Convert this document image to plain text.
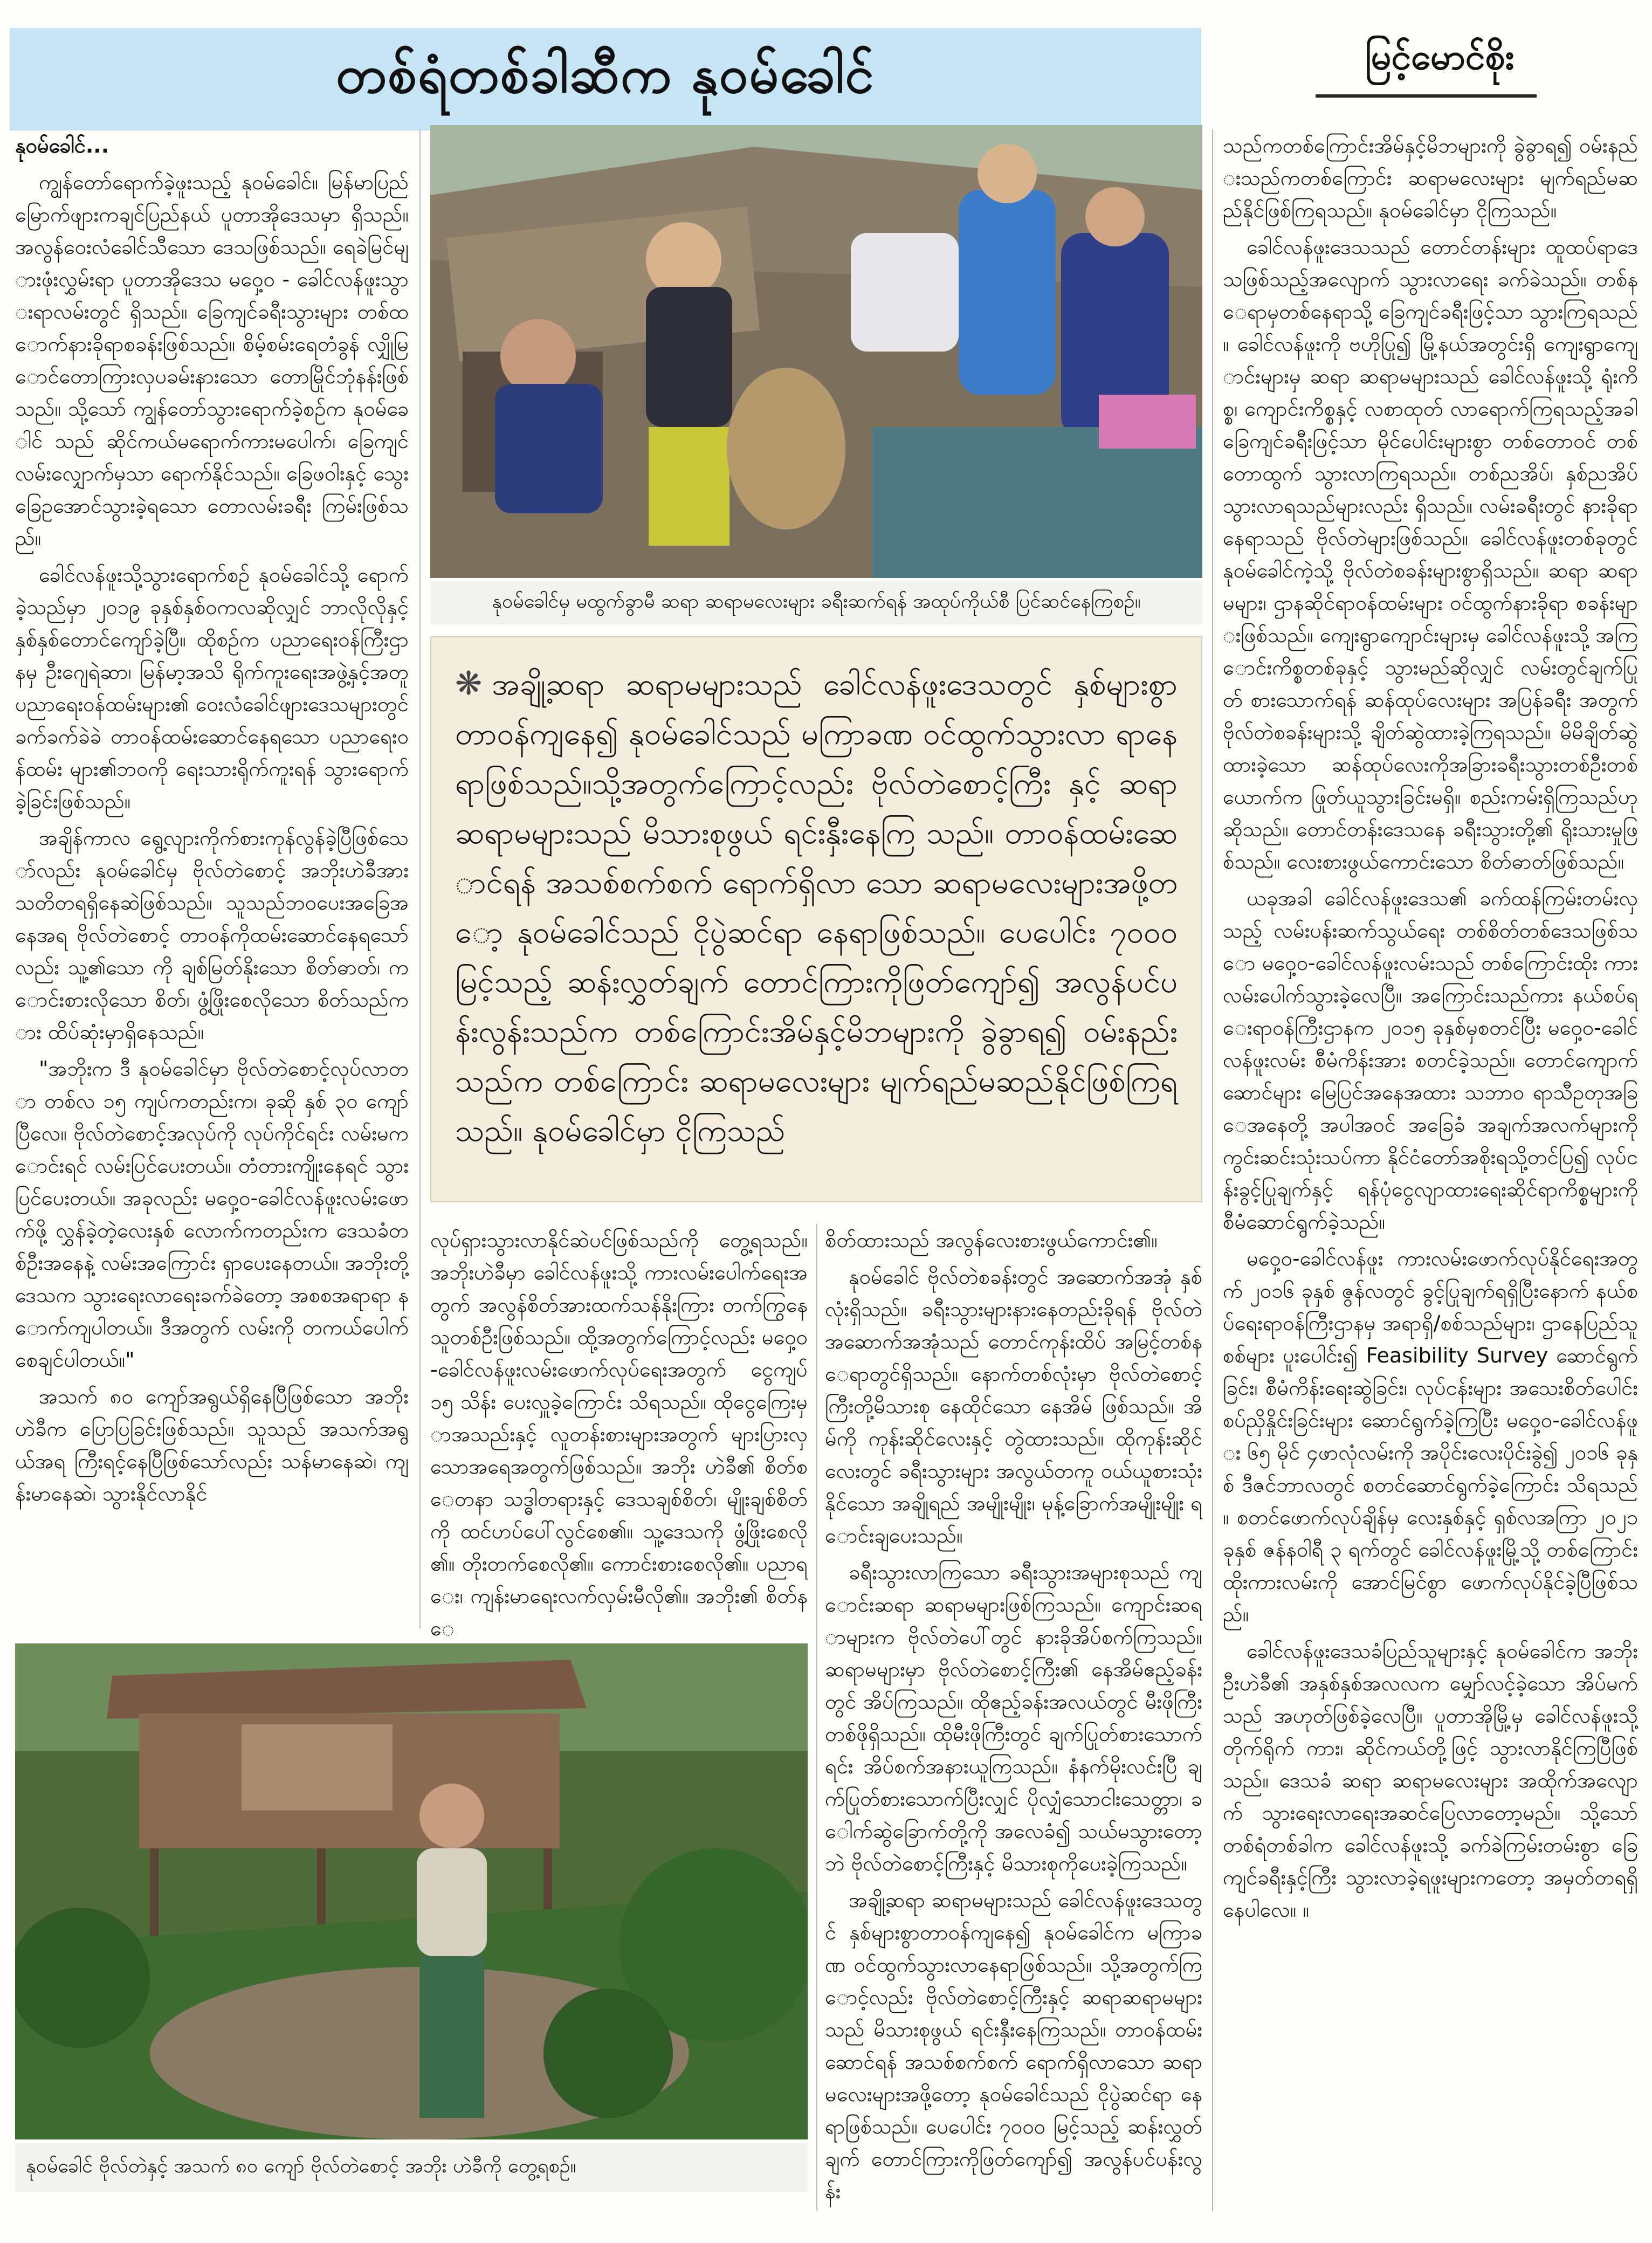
တစ်ရံတစ်ခါဆီက နုဝမ်ခေါင်	မြင့်မောင်စိုး

နုဝမ်ခေါင်...

ကျွန်တော်ရောက်ခဲ့ဖူးသည့် နုဝမ်ခေါင်။ မြန်မာပြည် မြောက်ဖျားကချင်ပြည်နယ် ပူတာအိုဒေသမှာ ရှိသည်။ အလွန်ဝေးလံခေါင်သီသော ဒေသဖြစ်သည်။ ရေခဲမြင်များဖုံးလွှမ်းရာ ပူတာအိုဒေသ မဝှေ့ဝ - ခေါင်လန်ဖူးသွားရာလမ်းတွင် ရှိသည်။ ခြေကျင်ခရီးသွားများ တစ်ထောက်နားခိုရာစခန်းဖြစ်သည်။ စိမ့်စမ်းရေတံခွန် လျှိုမြောင်တောကြားလှပခမ်းနားသော တောမြိုင်ဘုံနန်းဖြစ်သည်။ သို့သော် ကျွန်တော်သွားရောက်ခဲ့စဉ်က နုဝမ်ခေါင် သည် ဆိုင်ကယ်မရောက်ကားမပေါက်၊ ခြေကျင် လမ်းလျှောက်မှသာ ရောက်နိုင်သည်။ ခြေဖဝါးနှင့် သွေးခြေဥအောင်သွားခဲ့ရသော တောလမ်းခရီး ကြမ်းဖြစ်သည်။

ခေါင်လန်ဖူးသို့သွားရောက်စဉ် နုဝမ်ခေါင်သို့ ရောက်ခဲ့သည်မှာ ၂၀၁၉ ခုနှစ်နှစ်ဝကလဆိုလျှင် ဘာလိုလိုနှင့် နှစ်နှစ်တောင်ကျော်ခဲ့ပြီ။ ထိုစဉ်က ပညာရေးဝန်ကြီးဌာနမှ ဦးဂျေရဲဆာ၊ မြန်မာ့အသိ ရိုက်ကူးရေးအဖွဲ့နှင့်အတူ ပညာရေးဝန်ထမ်းများ၏ ဝေးလံခေါင်ဖျားဒေသများတွင် ခက်ခက်ခဲခဲ တာဝန်ထမ်းဆောင်နေရသော ပညာရေးဝန်ထမ်း များ၏ဘဝကို ရေးသားရိုက်ကူးရန် သွားရောက်ခဲ့ခြင်းဖြစ်သည်။

အချိန်ကာလ ရွေ့လျားကိုက်စားကုန်လွန်ခဲ့ပြီဖြစ်သော်လည်း နုဝမ်ခေါင်မှ ဗိုလ်တဲစောင့် အဘိုးဟဲခီအား သတိတရရှိနေဆဲဖြစ်သည်။ သူသည်ဘဝပေးအခြေအနေအရ ဗိုလ်တဲစောင့် တာဝန်ကိုထမ်းဆောင်နေရသော်လည်း သူ့၏သော ကို ချစ်မြတ်နိုးသော စိတ်ဓာတ်၊ ကောင်းစားလိုသော စိတ်၊ ဖွံ့ဖြိုးစေလိုသော စိတ်သည်ကား ထိပ်ဆုံးမှာရှိနေသည်။

"အဘိုးက ဒီ နုဝမ်ခေါင်မှာ ဗိုလ်တဲစောင့်လုပ်လာတာ တစ်လ ၁၅ ကျပ်ကတည်းက၊ ခုဆို နှစ် ၃၀ ကျော်ပြီလေ။ ဗိုလ်တဲစောင့်အလုပ်ကို လုပ်ကိုင်ရင်း လမ်းမကောင်းရင် လမ်းပြင်ပေးတယ်။ တံတားကျိုးနေရင် သွားပြင်ပေးတယ်။ အခုလည်း မဝှေ့ဝ-ခေါင်လန်ဖူးလမ်းဖောက်ဖို့ လွှန်ခဲ့တဲ့လေးနှစ် လောက်ကတည်းက ဒေသခံတစ်ဦးအနေနဲ့ လမ်းအကြောင်း ရှာပေးနေတယ်။ အဘိုးတို့ဒေသက သွားရေးလာရေးခက်ခဲတော့ အစစအရာရာ နောက်ကျပါတယ်။ ဒီအတွက် လမ်းကို တကယ်ပေါက်စေချင်ပါတယ်။"

အသက် ၈၀ ကျော်အရွယ်ရှိနေပြီဖြစ်သော အဘိုး ဟဲခီက ပြောပြခြင်းဖြစ်သည်။ သူသည် အသက်အရွယ်အရ ကြီးရင့်နေပြီဖြစ်သော်လည်း သန်မာနေဆဲ၊ ကျန်းမာနေဆဲ၊ သွားနိုင်လာနိုင်

နုဝမ်ခေါင်မှ မထွက်ခွာမီ ဆရာ ဆရာမလေးများ ခရီးဆက်ရန် အထုပ်ကိုယ်စီ ပြင်ဆင်နေကြစဉ်။
❋ အချို့ဆရာ ဆရာမများသည် ခေါင်လန်ဖူးဒေသတွင် နှစ်များစွာ တာဝန်ကျနေ၍ နုဝမ်ခေါင်သည် မကြာခဏ ဝင်ထွက်သွားလာ ရာနေရာဖြစ်သည်။သို့အတွက်ကြောင့်လည်း ဗိုလ်တဲစောင့်ကြီး နှင့် ဆရာ ဆရာမများသည် မိသားစုဖွယ် ရင်းနှီးနေကြ သည်။ တာဝန်ထမ်းဆောင်ရန် အသစ်စက်စက် ရောက်ရှိလာ သော ဆရာမလေးများအဖို့တော့ နုဝမ်ခေါင်သည် ငိုပွဲဆင်ရာ နေရာဖြစ်သည်။ ပေပေါင်း ၇၀၀၀ မြင့်သည့် ဆန်းလွှတ်ချက် တောင်ကြားကိုဖြတ်ကျော်၍ အလွန်ပင်ပန်းလွန်းသည်က တစ်ကြောင်းအိမ်နှင့်မိဘများကို ခွဲခွာရ၍ ဝမ်းနည်းသည်က တစ်ကြောင်း ဆရာမလေးများ မျက်ရည်မဆည်နိုင်ဖြစ်ကြရ သည်။ နုဝမ်ခေါင်မှာ ငိုကြသည်

လုပ်ရှားသွားလာနိုင်ဆဲပင်ဖြစ်သည်ကို တွေ့ရသည်။ အဘိုးဟဲခီမှာ ခေါင်လန်ဖူးသို့ ကားလမ်းပေါက်ရေးအတွက် အလွန်စိတ်အားထက်သန်နိုးကြား တက်ကြွနေသူတစ်ဦးဖြစ်သည်။ ထို့အတွက်ကြောင့်လည်း မဝှေ့ဝ-ခေါင်လန်ဖူးလမ်းဖောက်လုပ်ရေးအတွက် ငွေကျပ် ၁၅ သိန်း ပေးလှူခဲ့ကြောင်း သိရသည်။ ထိုငွေကြေးမှာအသည်းနှင့် လူတန်းစားများအတွက် များပြားလှသောအရေအတွက်ဖြစ်သည်။ အဘိုး ဟဲခီ၏ စိတ်စေတနာ သဒ္ဓါတရားနှင့် ဒေသချစ်စိတ်၊ မျိုးချစ်စိတ်ကို ထင်ဟပ်ပေါ်လွင်စေ၏။ သူ့ဒေသကို ဖွံ့ဖြိုးစေလို၏။ တိုးတက်စေလို၏။ ကောင်းစားစေလို၏။ ပညာရေး၊ ကျန်းမာရေးလက်လှမ်းမီလို၏။ အဘိုး၏ စိတ်နေ

စိတ်ထားသည် အလွန်လေးစားဖွယ်ကောင်း၏။

နုဝမ်ခေါင် ဗိုလ်တဲစခန်းတွင် အဆောက်အအုံ နှစ်လုံးရှိသည်။ ခရီးသွားများနားနေတည်းခိုရန် ဗိုလ်တဲအဆောက်အအုံသည် တောင်ကုန်းထိပ် အမြင့်တစ်နေရာတွင်ရှိသည်။ နောက်တစ်လုံးမှာ ဗိုလ်တဲစောင့်ကြီးတို့မိသားစု နေထိုင်သော နေအိမ် ဖြစ်သည်။ အိမ်ကို ကုန်းဆိုင်လေးနှင့် တွဲထားသည်။ ထိုကုန်းဆိုင်လေးတွင် ခရီးသွားများ အလွယ်တကူ ဝယ်ယူစားသုံးနိုင်သော အချိုရည် အမျိုးမျိုး၊ မုန့်ခြောက်အမျိုးမျိုး ရောင်းချပေးသည်။

ခရီးသွားလာကြသော ခရီးသွားအများစုသည် ကျောင်းဆရာ ဆရာမများဖြစ်ကြသည်။ ကျောင်းဆရာများက ဗိုလ်တဲပေါ်တွင် နားခိုအိပ်စက်ကြသည်။ ဆရာမများမှာ ဗိုလ်တဲစောင့်ကြီး၏ နေအိမ်ဧည့်ခန်းတွင် အိပ်ကြသည်။ ထိုဧည့်ခန်းအလယ်တွင် မီးဖိုကြီးတစ်ဖိုရှိသည်။ ထိုမီးဖိုကြီးတွင် ချက်ပြုတ်စားသောက်ရင်း အိပ်စက်အနားယူကြသည်။ နံနက်မိုးလင်းပြီ ချက်ပြုတ်စားသောက်ပြီးလျှင် ပိုလျှံသောငါးသေတ္တာ၊ ခေါက်ဆွဲခြောက်တို့ကို အလေခံ၍ သယ်မသွားတော့ဘဲ ဗိုလ်တဲစောင့်ကြီးနှင့် မိသားစုကိုပေးခဲ့ကြသည်။

အချို့ဆရာ ဆရာမများသည် ခေါင်လန်ဖူးဒေသတွင် နှစ်များစွာတာဝန်ကျနေ၍ နုဝမ်ခေါင်က မကြာခဏ ဝင်ထွက်သွားလာနေရာဖြစ်သည်။ သို့အတွက်ကြောင့်လည်း ဗိုလ်တဲစောင့်ကြီးနှင့် ဆရာဆရာမများသည် မိသားစုဖွယ် ရင်းနှီးနေကြသည်။ တာဝန်ထမ်းဆောင်ရန် အသစ်စက်စက် ရောက်ရှိလာသော ဆရာမလေးများအဖို့တော့ နုဝမ်ခေါင်သည် ငိုပွဲဆင်ရာ နေရာဖြစ်သည်။ ပေပေါင်း ၇၀၀၀ မြင့်သည့် ဆန်းလွှတ်ချက် တောင်ကြားကိုဖြတ်ကျော်၍ အလွန်ပင်ပန်းလွန်း

နုဝမ်ခေါင် ဗိုလ်တဲနှင့် အသက် ၈၀ ကျော် ဗိုလ်တဲစောင့် အဘိုး ဟဲခီကို တွေ့ရစဉ်။

သည်ကတစ်ကြောင်းအိမ်နှင့်မိဘများကို ခွဲခွာရ၍ ဝမ်းနည်းသည်ကတစ်ကြောင်း ဆရာမလေးများ မျက်ရည်မဆည်နိုင်ဖြစ်ကြရသည်။ နုဝမ်ခေါင်မှာ ငိုကြသည်။

ခေါင်လန်ဖူးဒေသသည် တောင်တန်းများ ထူထပ်ရာဒေသဖြစ်သည့်အလျောက် သွားလာရေး ခက်ခဲသည်။ တစ်နေရာမှတစ်နေရာသို့ ခြေကျင်ခရီးဖြင့်သာ သွားကြရသည်။ ခေါင်လန်ဖူးကို ဗဟိုပြု၍ မြို့နယ်အတွင်းရှိ ကျေးရွာကျောင်းများမှ ဆရာ ဆရာမများသည် ခေါင်လန်ဖူးသို့ ရုံးကိစ္စ၊ ကျောင်းကိစ္စနှင့် လစာထုတ် လာရောက်ကြရသည့်အခါ ခြေကျင်ခရီးဖြင့်သာ မိုင်ပေါင်းများစွာ တစ်တောဝင် တစ်တောထွက် သွားလာကြရသည်။ တစ်ညအိပ်၊ နှစ်ညအိပ် သွားလာရသည်များလည်း ရှိသည်။ လမ်းခရီးတွင် နားခိုရာနေရာသည် ဗိုလ်တဲများဖြစ်သည်။ ခေါင်လန်ဖူးတစ်ခုတွင် နုဝမ်ခေါင်ကဲ့သို့ ဗိုလ်တဲစခန်းများစွာရှိသည်။ ဆရာ ဆရာမများ၊ ဌာနဆိုင်ရာဝန်ထမ်းများ ဝင်ထွက်နားခိုရာ စခန်းများဖြစ်သည်။ ကျေးရွာကျောင်းများမှ ခေါင်လန်ဖူးသို့ အကြောင်းကိစ္စတစ်ခုနှင့် သွားမည်ဆိုလျှင် လမ်းတွင်ချက်ပြုတ် စားသောက်ရန် ဆန်ထုပ်လေးများ အပြန်ခရီး အတွက် ဗိုလ်တဲစခန်းများသို့ ချိတ်ဆွဲထားခဲ့ကြရသည်။ မိမိချိတ်ဆွဲထားခဲ့သော ဆန်ထုပ်လေးကိုအခြားခရီးသွားတစ်ဦးတစ်ယောက်က ဖြုတ်ယူသွားခြင်းမရှိ။ စည်းကမ်းရှိကြသည်ဟု ဆိုသည်။ တောင်တန်းဒေသနေ ခရီးသွားတို့၏ ရိုးသားမှုဖြစ်သည်။ လေးစားဖွယ်ကောင်းသော စိတ်ဓာတ်ဖြစ်သည်။

ယခုအခါ ခေါင်လန်ဖူးဒေသ၏ ခက်ထန်ကြမ်းတမ်းလှသည့် လမ်းပန်းဆက်သွယ်ရေး တစ်စိတ်တစ်ဒေသဖြစ်သော မဝှေ့ဝ-ခေါင်လန်ဖူးလမ်းသည် တစ်ကြောင်းထိုး ကားလမ်းပေါက်သွားခဲ့လေပြီ။ အကြောင်းသည်ကား နယ်စပ်ရေးရာဝန်ကြီးဌာနက ၂၀၁၅ ခုနှစ်မှစတင်ပြီး မဝှေ့ဝ-ခေါင်လန်ဖူးလမ်း စီမံကိန်းအား စတင်ခဲ့သည်။ တောင်ကျောက်ဆောင်များ မြေပြင်အနေအထား သဘာဝ ရာသီဥတုအခြေအနေတို့ အပါအဝင် အခြေခံ အချက်အလက်များကို ကွင်းဆင်းသုံးသပ်ကာ နိုင်ငံတော်အစိုးရသို့တင်ပြ၍ လုပ်ငန်းခွင့်ပြုချက်နှင့် ရန်ပုံငွေလျာထားရေးဆိုင်ရာကိစ္စများကို စီမံဆောင်ရွက်ခဲ့သည်။

မဝှေ့ဝ-ခေါင်လန်ဖူး ကားလမ်းဖောက်လုပ်နိုင်ရေးအတွက် ၂၀၁၆ ခုနှစ် ဇွန်လတွင် ခွင့်ပြုချက်ရရှိပြီးနောက် နယ်စပ်ရေးရာဝန်ကြီးဌာနမှ အရာရှိ/စစ်သည်များ၊ ဌာနေပြည်သူစစ်များ ပူးပေါင်း၍ Feasibility Survey ဆောင်ရွက်ခြင်း၊ စီမံကိန်းရေးဆွဲခြင်း၊ လုပ်ငန်းများ အသေးစိတ်ပေါင်းစပ်ညှိနှိုင်းခြင်းများ ဆောင်ရွက်ခဲ့ကြပြီး မဝှေ့ဝ-ခေါင်လန်ဖူး ၆၅ မိုင် ၄ဖာလုံလမ်းကို အပိုင်းလေးပိုင်းခွဲ၍ ၂၀၁၆ ခုနှစ် ဒီဇင်ဘာလတွင် စတင်ဆောင်ရွက်ခဲ့ကြောင်း သိရသည်။ စတင်ဖောက်လုပ်ချိန်မှ လေးနှစ်နှင့် ရှစ်လအကြာ ၂၀၂၁ ခုနှစ် ဇန်နဝါရီ ၃ ရက်တွင် ခေါင်လန်ဖူးမြို့သို့ တစ်ကြောင်းထိုးကားလမ်းကို အောင်မြင်စွာ ဖောက်လုပ်နိုင်ခဲ့ပြီဖြစ်သည်။

ခေါင်လန်ဖူးဒေသခံပြည်သူများနှင့် နုဝမ်ခေါင်က အဘိုးဦးဟဲခီ၏ အနှစ်နှစ်အလလက မျှော်လင့်ခဲ့သော အိပ်မက်သည် အဟုတ်ဖြစ်ခဲ့လေပြီ။ ပူတာအိုမြို့မှ ခေါင်လန်ဖူးသို့ တိုက်ရိုက် ကား၊ ဆိုင်ကယ်တို့ဖြင့် သွားလာနိုင်ကြပြီဖြစ်သည်။ ဒေသခံ ဆရာ ဆရာမလေးများ အထိုက်အလျောက် သွားရေးလာရေးအဆင်ပြေလာတော့မည်။ သို့သော် တစ်ရံတစ်ခါက ခေါင်လန်ဖူးသို့ ခက်ခဲကြမ်းတမ်းစွာ ခြေကျင်ခရီးနှင့်ကြီး သွားလာခဲ့ရဖူးများကတော့ အမှတ်တရရှိနေပါလေ။ ။
